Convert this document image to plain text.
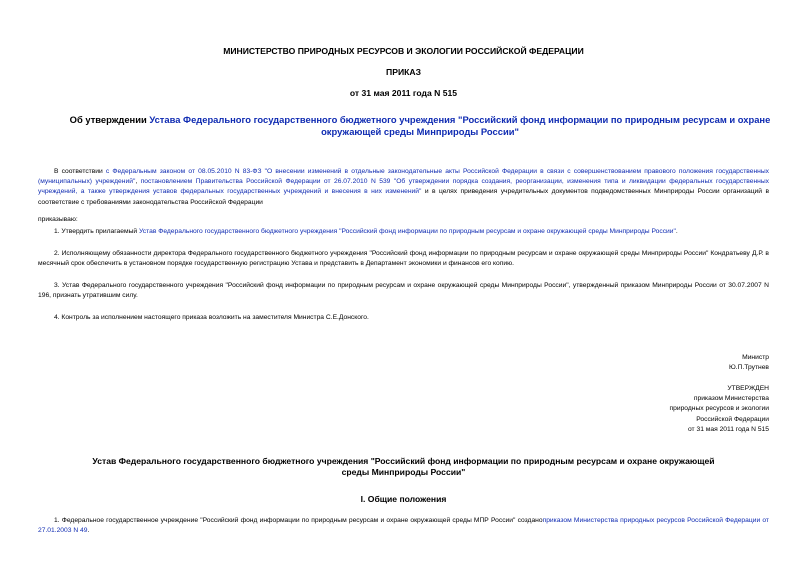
МИНИСТЕРСТВО ПРИРОДНЫХ РЕСУРСОВ И ЭКОЛОГИИ РОССИЙСКОЙ ФЕДЕРАЦИИ
ПРИКАЗ
от 31 мая 2011 года N 515
Об утверждении Устава Федерального государственного бюджетного учреждения "Российский фонд информации по природным ресурсам и охране окружающей среды Минприроды России"
В соответствии с Федеральным законом от 08.05.2010 N 83-ФЗ "О внесении изменений в отдельные законодательные акты Российской Федерации в связи с совершенствованием правового положения государственных (муниципальных) учреждений", постановлением Правительства Российской Федерации от 26.07.2010 N 539 "Об утверждении порядка создания, реорганизации, изменения типа и ликвидации федеральных государственных учреждений, а также утверждения уставов федеральных государственных учреждений и внесения в них изменений" и в целях приведения учредительных документов подведомственных Минприроды России организаций в соответствие с требованиями законодательства Российской Федерации
приказываю:
1. Утвердить прилагаемый Устав Федерального государственного бюджетного учреждения "Российский фонд информации по природным ресурсам и охране окружающей среды Минприроды России".
2. Исполняющему обязанности директора Федерального государственного бюджетного учреждения "Российский фонд информации по природным ресурсам и охране окружающей среды Минприроды России" Кондратьеву Д.Р. в месячный срок обеспечить в установном порядке государственную регистрацию Устава и представить в Департамент экономики и финансов его копию.
3. Устав Федерального государственного учреждения "Российский фонд информации по природным ресурсам и охране окружающей среды Минприроды России", утвержденный приказом Минприроды России от 30.07.2007 N 196, признать утратившим силу.
4. Контроль за исполнением настоящего приказа возложить на заместителя Министра С.Е.Донского.
Министр
Ю.П.Трутнев
УТВЕРЖДЕН
приказом Министерства
природных ресурсов и экологии
Российской Федерации
от 31 мая 2011 года N 515
Устав Федерального государственного бюджетного учреждения "Российский фонд информации по природным ресурсам и охране окружающей среды Минприроды России"
I. Общие положения
1. Федеральное государственное учреждение "Российский фонд информации по природным ресурсам и охране окружающей среды МПР России" созданоприказом Министерства природных ресурсов Российской Федерации от 27.01.2003 N 49.
